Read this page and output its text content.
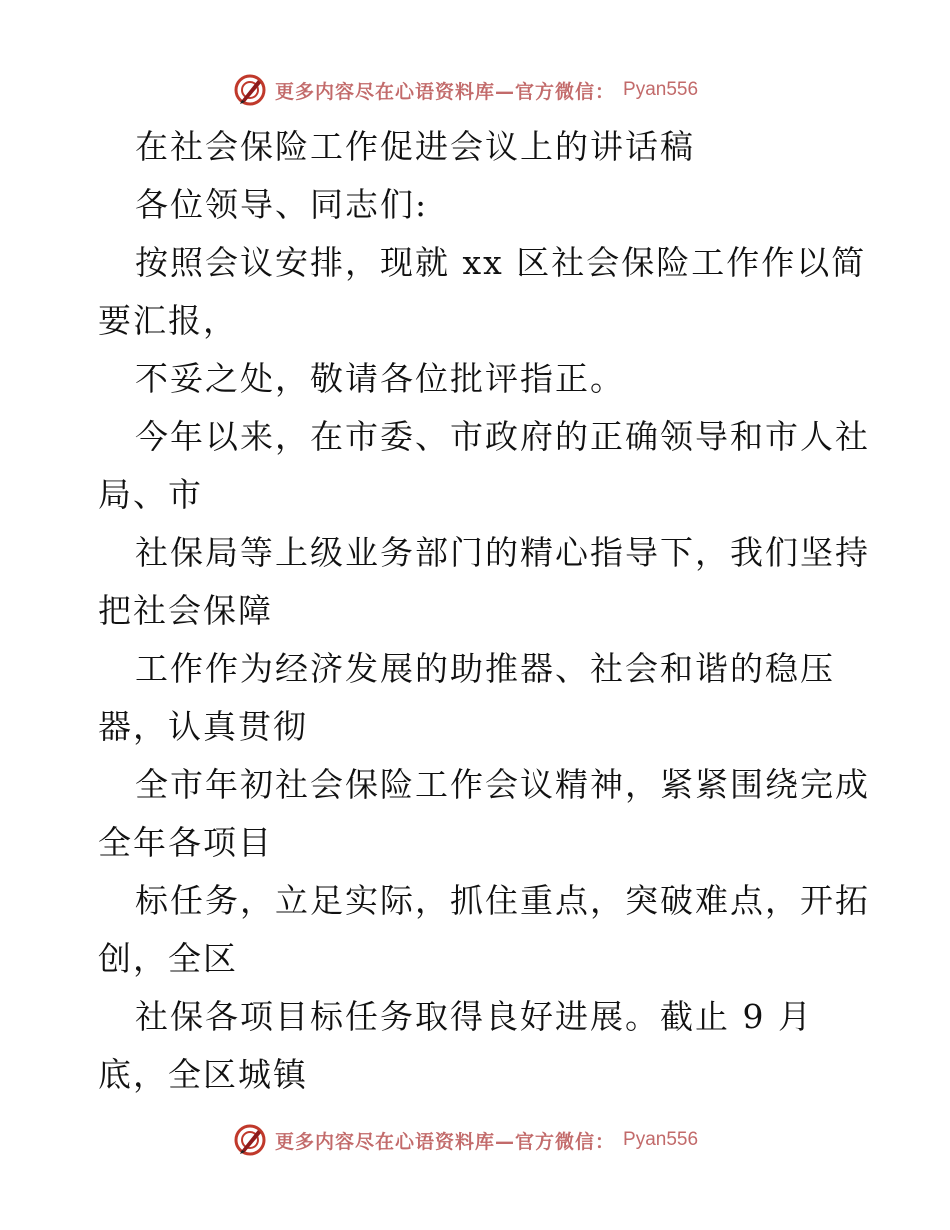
更多内容尽在心语资料库—官方微信： Pyan556
在社会保险工作促进会议上的讲话稿
各位领导、同志们:
按照会议安排，现就 xx 区社会保险工作作以简
要汇报，
不妥之处，敬请各位批评指正。
今年以来，在市委、市政府的正确领导和市人社
局、市
社保局等上级业务部门的精心指导下，我们坚持
把社会保障
工作作为经济发展的助推器、社会和谐的稳压
器，认真贯彻
全市年初社会保险工作会议精神，紧紧围绕完成
全年各项目
标任务，立足实际，抓住重点，突破难点，开拓
创，全区
社保各项目标任务取得良好进展。截止 9 月
底，全区城镇
更多内容尽在心语资料库—官方微信： Pyan556
